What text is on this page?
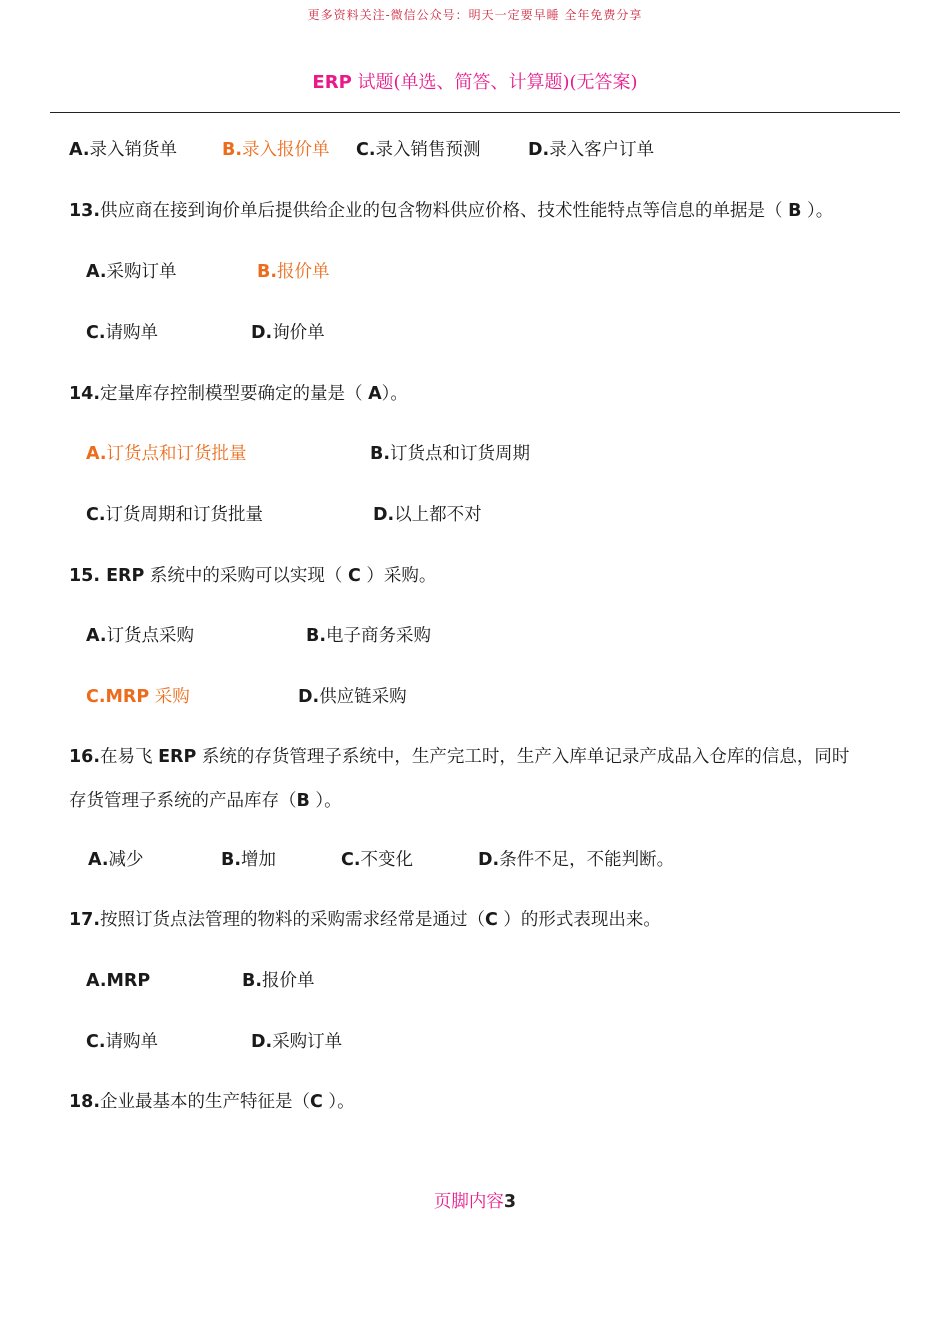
更多资料关注-微信公众号：明天一定要早睡 全年免费分享
ERP 试题(单选、简答、计算题)(无答案)
A.录入销货单	B.录入报价单 C.录入销售预测	D.录入客户订单
13.供应商在接到询价单后提供给企业的包含物料供应价格、技术性能特点等信息的单据是（ B ）。
A.采购订单	B.报价单
C.请购单	D.询价单
14.定量库存控制模型要确定的量是（ A）。
A.订货点和订货批量	B.订货点和订货周期
C.订货周期和订货批量	D.以上都不对
15. ERP 系统中的采购可以实现（ C ）采购。
A.订货点采购	B.电子商务采购
C.MRP 采购	D.供应链采购
16.在易飞 ERP 系统的存货管理子系统中，生产完工时，生产入库单记录产成品入仓库的信息，同时
存货管理子系统的产品库存（B ）。
A.减少	B.增加	C.不变化	D.条件不足，不能判断。
17.按照订货点法管理的物料的采购需求经常是通过（C ）的形式表现出来。
A.MRP	B.报价单
C.请购单	D.采购订单
18.企业最基本的生产特征是（C ）。
页脚内容3
